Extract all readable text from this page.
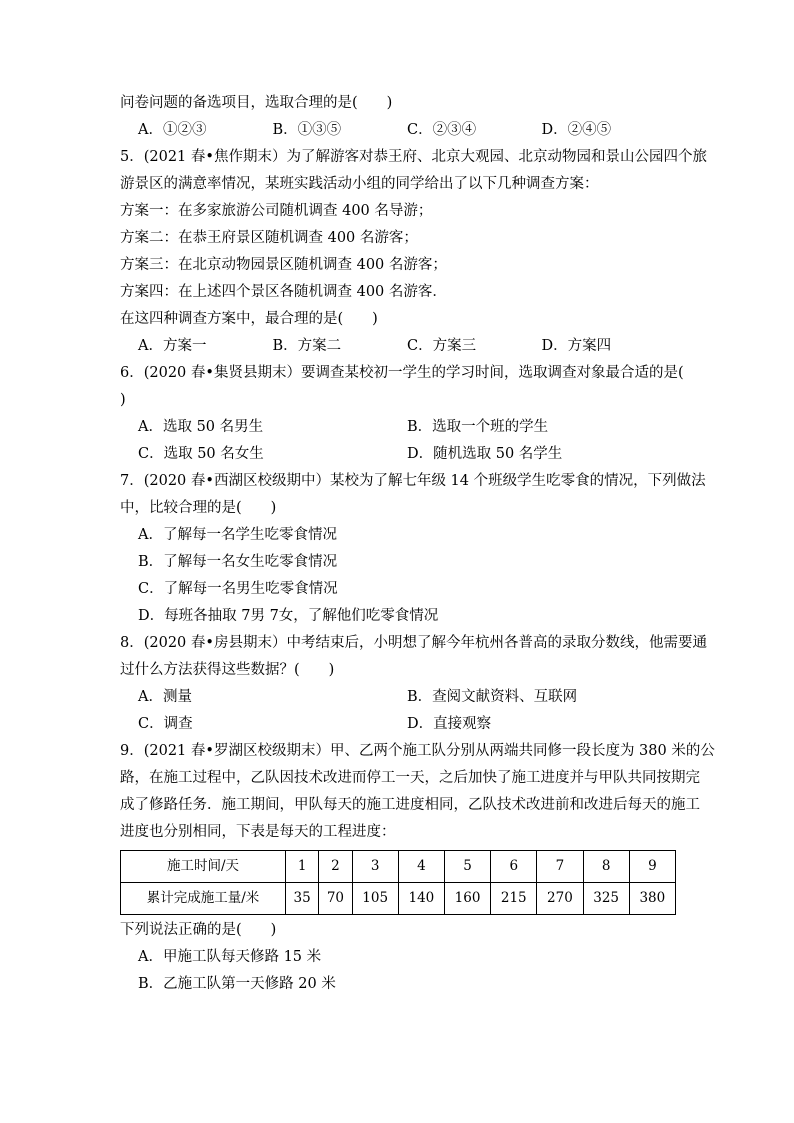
问卷问题的备选项目，选取合理的是(　　)
A．①②③	B．①③⑤	C．②③④	D．②④⑤
5．(2021 春•焦作期末）为了解游客对恭王府、北京大观园、北京动物园和景山公园四个旅
游景区的满意率情况，某班实践活动小组的同学给出了以下几种调查方案：
方案一：在多家旅游公司随机调查 400 名导游；
方案二：在恭王府景区随机调查 400 名游客；
方案三：在北京动物园景区随机调查 400 名游客；
方案四：在上述四个景区各随机调查 400 名游客．
在这四种调查方案中，最合理的是(　　)
A．方案一	B．方案二	C．方案三	D．方案四
6．(2020 春•集贤县期末）要调查某校初一学生的学习时间，选取调查对象最合适的是(
)
A．选取 50 名男生	B．选取一个班的学生
C．选取 50 名女生	D．随机选取 50 名学生
7．(2020 春•西湖区校级期中）某校为了解七年级 14 个班级学生吃零食的情况，下列做法
中，比较合理的是(　　)
A．了解每一名学生吃零食情况
B．了解每一名女生吃零食情况
C．了解每一名男生吃零食情况
D．每班各抽取 7男 7女，了解他们吃零食情况
8．(2020 春•房县期末）中考结束后，小明想了解今年杭州各普高的录取分数线，他需要通
过什么方法获得这些数据？(　　)
A．测量	B．查阅文献资料、互联网
C．调查	D．直接观察
9．(2021 春•罗湖区校级期末）甲、乙两个施工队分别从两端共同修一段长度为 380 米的公
路，在施工过程中，乙队因技术改进而停工一天，之后加快了施工进度并与甲队共同按期完
成了修路任务．施工期间，甲队每天的施工进度相同，乙队技术改进前和改进后每天的施工
进度也分别相同，下表是每天的工程进度：
施工时间/天	1	2	3	4	5	6	7	8	9
累计完成施工量/米	35	70	105	140	160	215	270	325	380
下列说法正确的是(　　)
A．甲施工队每天修路 15 米
B．乙施工队第一天修路 20 米
